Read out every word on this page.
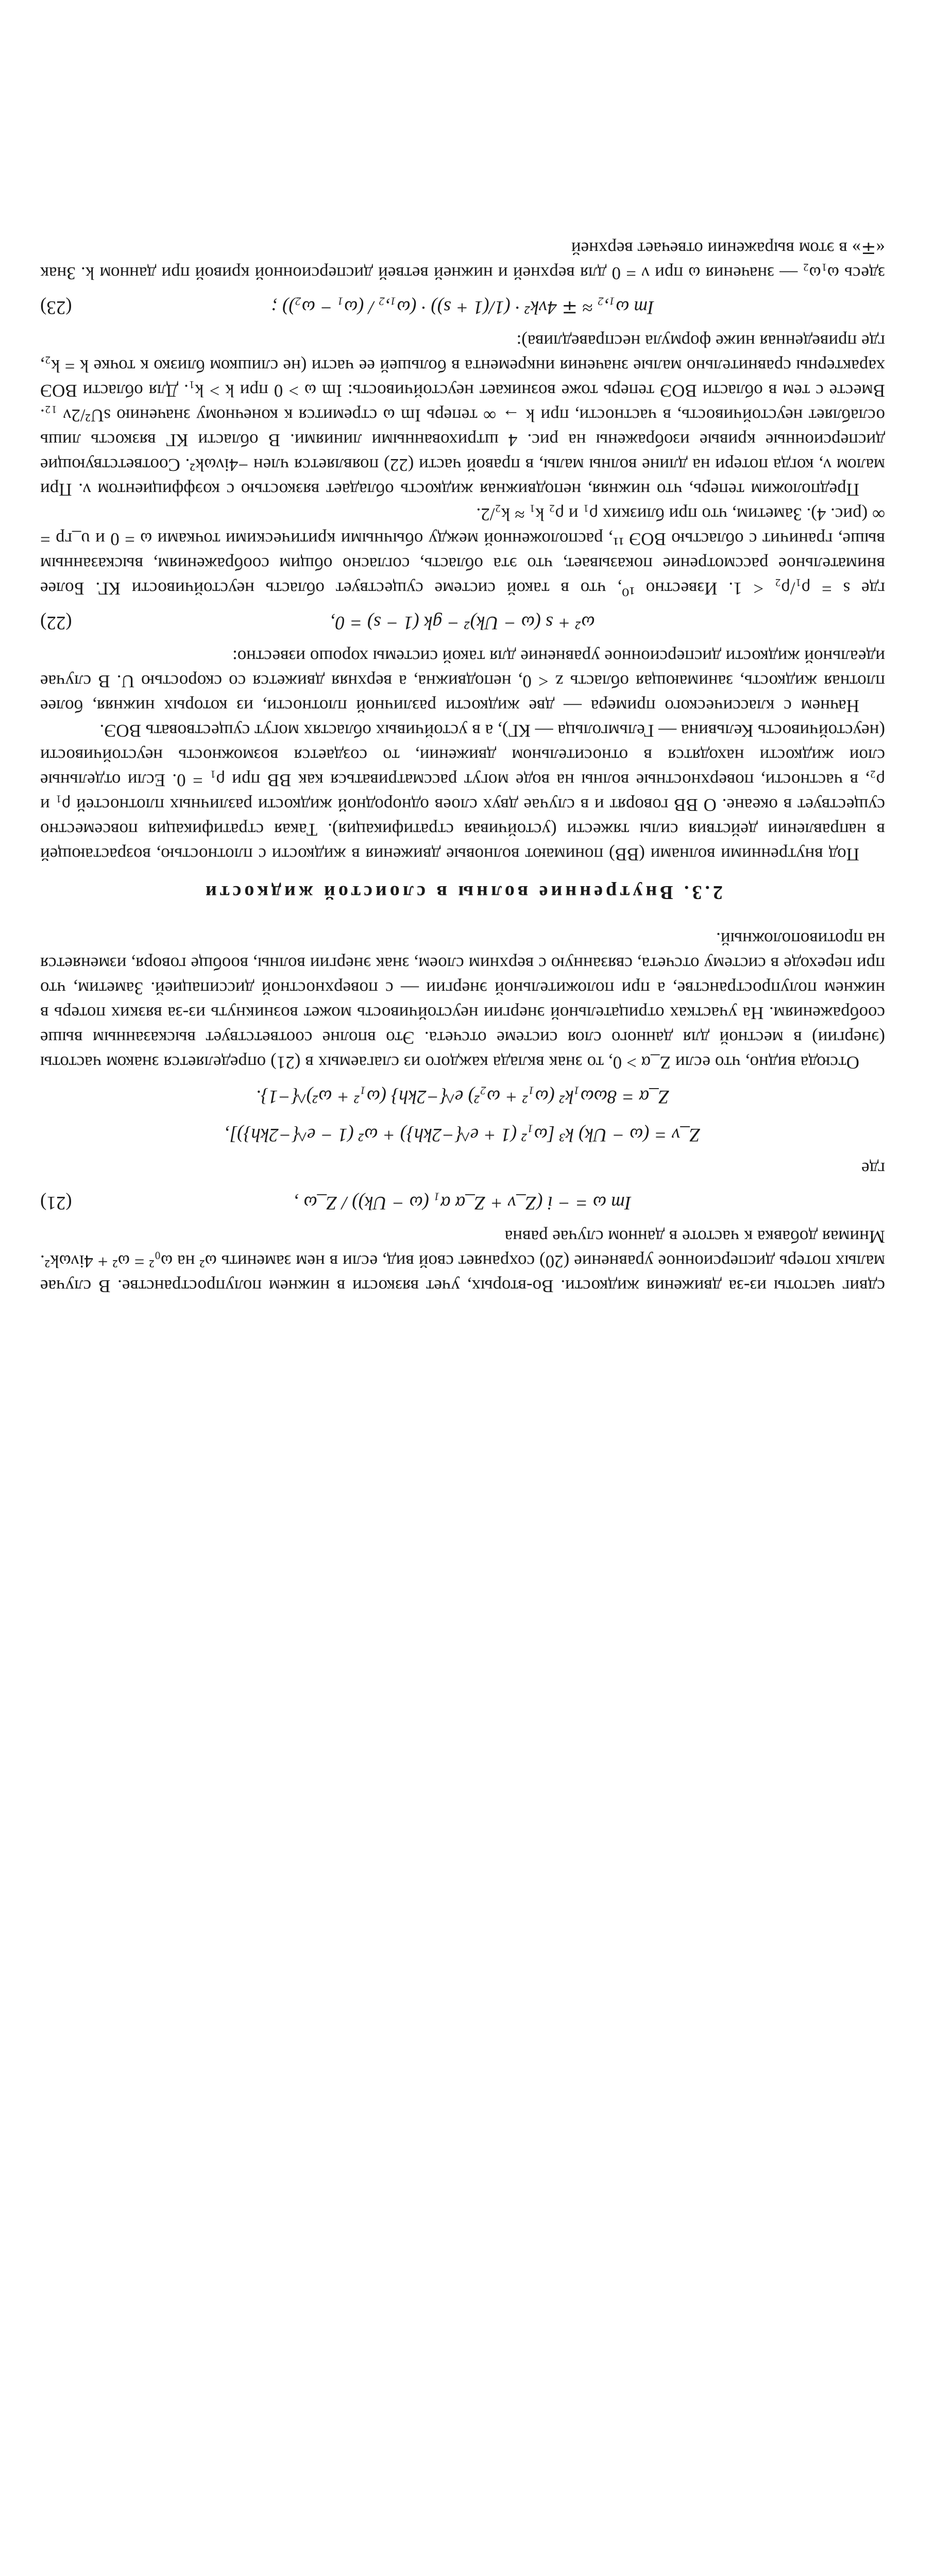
сдвиг частоты из-за движения жидкости. Во-вторых, учет вязкости в нижнем полупространстве. В случае малых потерь дисперсионное уравнение (20) сохраняет свой вид, если в нем заменить ω² на ω₀² = ω² + 4iνωk². Мнимая добавка к частоте в данном случае равна

Im ω = − i (Z_ν + Z_α α₁ (ω − Uk)) / Z_ω ,
(21)

где

Z_ν = (ω − Uk) k³ [ω₁² (1 + e^{−2kh}) + ω² (1 − e^{−2kh})],
Z_α = 8ωω₁k² (ω₁² + ω₂²) e^{−2kh} (ω₁² + ω²)^{−1}.

Отсюда видно, что если Z_α > 0, то знак вклада каждого из слагаемых в (21) определяется знаком частоты (энергии) в местной для данного слоя системе отсчета. Это вполне соответствует высказанным выше соображениям. На участках отрицательной энергии неустойчивость может возникнуть из-за вязких потерь в нижнем полупространстве, а при положительной энергии — с поверхностной диссипацией. Заметим, что при переходе в систему отсчета, связанную с верхним слоем, знак энергии волны, вообще говоря, изменяется на противоположный.

2.3. Внутренние волны в слоистой жидкости

Под внутренними волнами (ВВ) понимают волновые движения в жидкости с плотностью, возрастающей в направлении действия силы тяжести (устойчивая стратификация). Такая стратификация повсеместно существует в океане. О ВВ говорят и в случае двух слоев однородной жидкости различных плотностей ρ₁ и ρ₂, в частности, поверхностные волны на воде могут рассматриваться как ВВ при ρ₁ = 0. Если отдельные слои жидкости находятся в относительном движении, то создается возможность неустойчивости (неустойчивость Кельвина — Гельмгольца — КГ), а в устойчивых областях могут существовать ВОЭ.

Начнем с классического примера — две жидкости различной плотности, из которых нижняя, более плотная жидкость, занимающая область z < 0, неподвижна, а верхняя движется со скоростью U. В случае идеальной жидкости дисперсионное уравнение для такой системы хорошо известно:

ω² + s (ω − Uk)² − gk (1 − s) = 0,
(22)

где s = ρ₁/ρ₂ < 1. Известно ¹⁰, что в такой системе существует область неустойчивости КГ. Более внимательное рассмотрение показывает, что эта область, согласно общим соображениям, высказанным выше, граничит с областью ВОЭ ¹¹, расположенной между обычными критическими точками ω = 0 и υ_гр = ∞ (рис. 4). Заметим, что при близких ρ₁ и ρ₂ k₁ ≈ k₂/2.

Предположим теперь, что нижняя, неподвижная жидкость обладает вязкостью с коэффициентом ν. При малом ν, когда потери на длине волны малы, в правой части (22) появляется член −4iνωk². Соответствующие дисперсионные кривые изображены на рис. 4 штрихованными линиями. В области КГ вязкость лишь ослабляет неустойчивость, в частности, при k → ∞ теперь Im ω стремится к конечному значению sU²/2ν ₁₂. Вместе с тем в области ВОЭ теперь тоже возникает неустойчивость: Im ω > 0 при k > k₁. Для области ВОЭ характерны сравнительно малые значения инкремента в большей ее части (не слишком близко к точке k = k₂, где приведенная ниже формула несправедлива):

Im ω₁,₂ ≈ ∓ 4νk² · (1/(1 + s)) · (ω₁,₂ / (ω₁ − ω₂)) ;
(23)

здесь ω₁ω₂ — значения ω при ν = 0 для верхней и нижней ветвей дисперсионной кривой при данном k. Знак «∓» в этом выражении отвечает верхней
